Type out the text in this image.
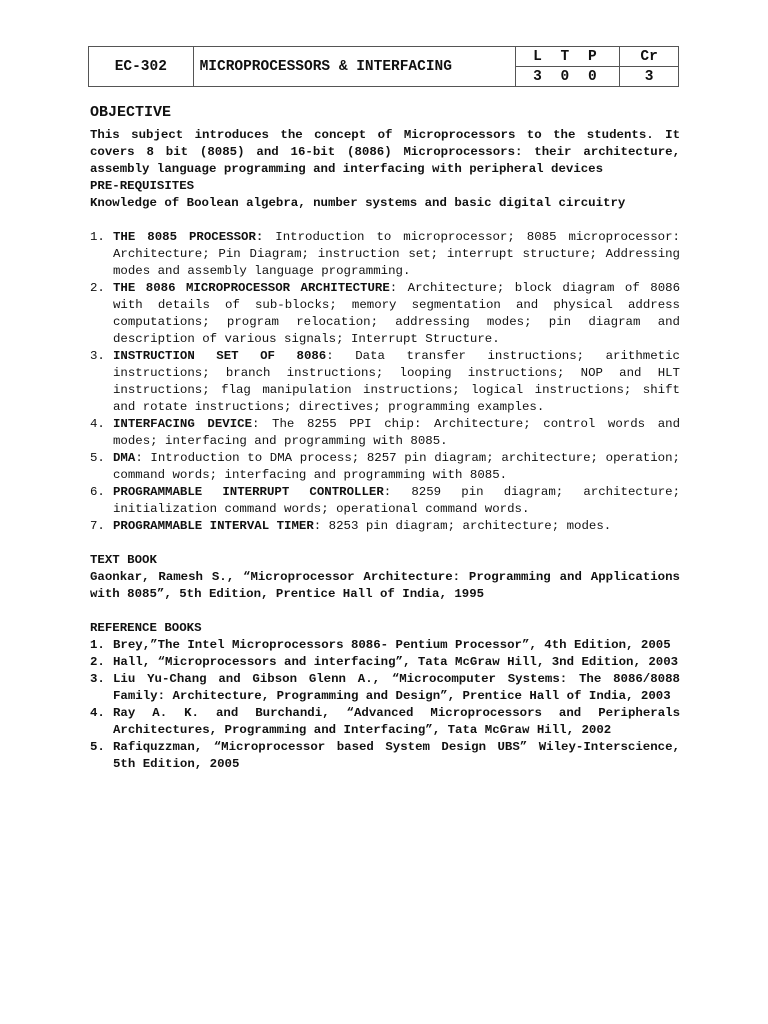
EC-302	MICROPROCESSORS & INTERFACING	L T P	Cr
		3 0 0	3
OBJECTIVE

This subject introduces the concept of Microprocessors to the students. It covers 8 bit (8085) and 16-bit (8086) Microprocessors: their architecture, assembly language programming and interfacing with peripheral devices

PRE-REQUISITES

Knowledge of Boolean algebra, number systems and basic digital circuitry

1. THE 8085 PROCESSOR: Introduction to microprocessor; 8085 microprocessor: Architecture; Pin Diagram; instruction set; interrupt structure; Addressing modes and assembly language programming.
2. THE 8086 MICROPROCESSOR ARCHITECTURE: Architecture; block diagram of 8086 with details of sub-blocks; memory segmentation and physical address computations; program relocation; addressing modes; pin diagram and description of various signals; Interrupt Structure.
3. INSTRUCTION SET OF 8086: Data transfer instructions; arithmetic instructions; branch instructions; looping instructions; NOP and HLT instructions; flag manipulation instructions; logical instructions; shift and rotate instructions; directives; programming examples.
4. INTERFACING DEVICE: The 8255 PPI chip: Architecture; control words and modes; interfacing and programming with 8085.
5. DMA: Introduction to DMA process; 8257 pin diagram; architecture; operation; command words; interfacing and programming with 8085.
6. PROGRAMMABLE INTERRUPT CONTROLLER: 8259 pin diagram; architecture; initialization command words; operational command words.
7. PROGRAMMABLE INTERVAL TIMER: 8253 pin diagram; architecture; modes.
TEXT BOOK

Gaonkar, Ramesh S., “Microprocessor Architecture: Programming and Applications with 8085”, 5th Edition, Prentice Hall of India, 1995

REFERENCE BOOKS
1. Brey,”The Intel Microprocessors 8086- Pentium Processor”, 4th Edition, 2005
2. Hall, “Microprocessors and interfacing”, Tata McGraw Hill, 3nd Edition, 2003
3. Liu Yu-Chang and Gibson Glenn A., “Microcomputer Systems: The 8086/8088 Family: Architecture, Programming and Design”, Prentice Hall of India, 2003
4. Ray A. K. and Burchandi, “Advanced Microprocessors and Peripherals Architectures, Programming and Interfacing”, Tata McGraw Hill, 2002
5. Rafiquzzman, “Microprocessor based System Design UBS” Wiley-Interscience, 5th Edition, 2005
